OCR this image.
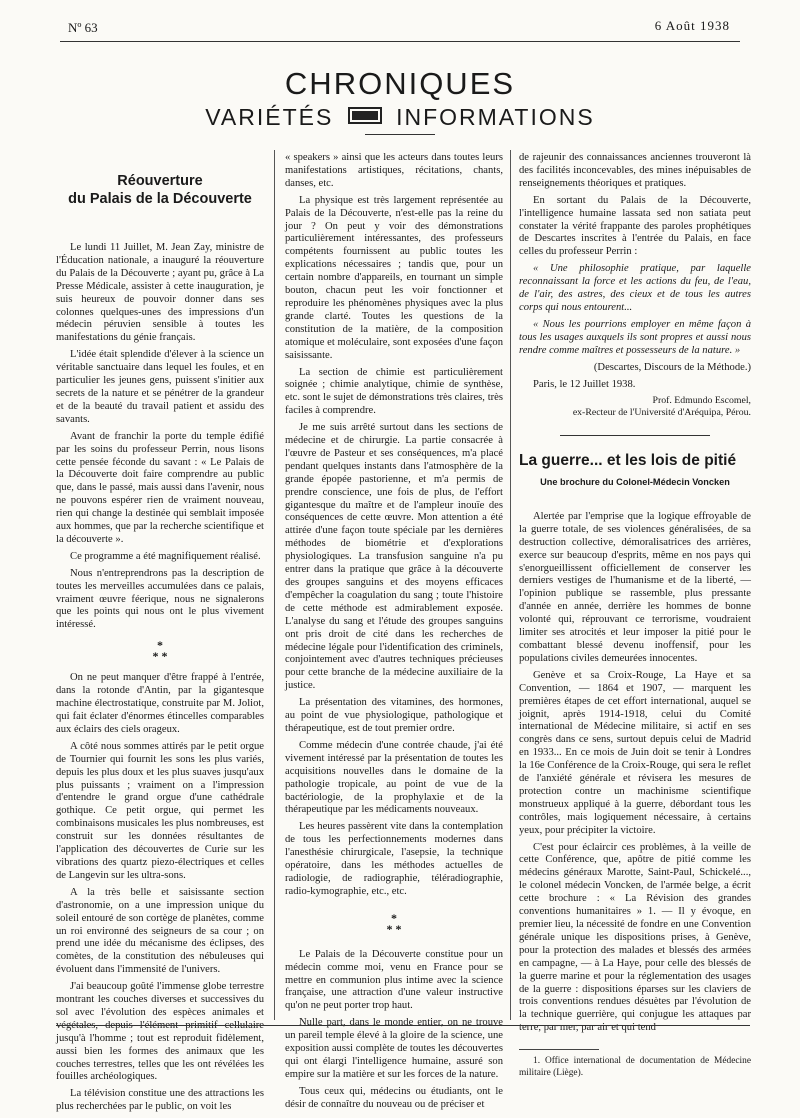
Nº 63	6 Août 1938
CHRONIQUES
VARIÉTÉS	INFORMATIONS
Réouverture
du Palais de la Découverte

Le lundi 11 Juillet, M. Jean Zay, ministre de l'Éducation nationale, a inauguré la réouverture du Palais de la Découverte ; ayant pu, grâce à La Presse Médicale, assister à cette inauguration, je suis heureux de pouvoir donner dans ses colonnes quelques-unes des impressions d'un médecin péruvien sensible à toutes les manifestations du génie français.

L'idée était splendide d'élever à la science un véritable sanctuaire dans lequel les foules, et en particulier les jeunes gens, puissent s'initier aux secrets de la nature et se pénétrer de la grandeur et de la beauté du travail patient et assidu des savants.

Avant de franchir la porte du temple édifié par les soins du professeur Perrin, nous lisons cette pensée féconde du savant : « Le Palais de la Découverte doit faire comprendre au public que, dans le passé, mais aussi dans l'avenir, nous ne pouvons espérer rien de vraiment nouveau, rien qui change la destinée qui semblait imposée aux hommes, que par la recherche scientifique et la découverte ».

Ce programme a été magnifiquement réalisé.

Nous n'entreprendrons pas la description de toutes les merveilles accumulées dans ce palais, vraiment œuvre féerique, nous ne signalerons que les points qui nous ont le plus vivement intéressé.

*
* *

On ne peut manquer d'être frappé à l'entrée, dans la rotonde d'Antin, par la gigantesque machine électrostatique, construite par M. Joliot, qui fait éclater d'énormes étincelles comparables aux éclairs des ciels orageux.

A côté nous sommes attirés par le petit orgue de Tournier qui fournit les sons les plus variés, depuis les plus doux et les plus suaves jusqu'aux plus puissants ; vraiment on a l'impression d'entendre le grand orgue d'une cathédrale gothique. Ce petit orgue, qui permet les combinaisons musicales les plus nombreuses, est construit sur les données résultantes de l'application des découvertes de Curie sur les vibrations des quartz piezo-électriques et celles de Langevin sur les ultra-sons.

A la très belle et saisissante section d'astronomie, on a une impression unique du soleil entouré de son cortège de planètes, comme un roi environné des seigneurs de sa cour ; on prend une idée du mécanisme des éclipses, des comètes, de la constitution des nébuleuses qui évoluent dans l'immensité de l'univers.

J'ai beaucoup goûté l'immense globe terrestre montrant les couches diverses et successives du sol avec l'évolution des espèces animales et végétales, depuis l'élément primitif cellulaire jusqu'à l'homme ; tout est reproduit fidèlement, aussi bien les formes des animaux que les couches terrestres, telles que les ont révélées les fouilles archéologiques.

La télévision constitue une des attractions les plus recherchées par le public, on voit les

« speakers » ainsi que les acteurs dans toutes leurs manifestations artistiques, récitations, chants, danses, etc.

La physique est très largement représentée au Palais de la Découverte, n'est-elle pas la reine du jour ? On peut y voir des démonstrations particulièrement intéressantes, des professeurs compétents fournissent au public toutes les explications nécessaires ; tandis que, pour un certain nombre d'appareils, en tournant un simple bouton, chacun peut les voir fonctionner et reproduire les phénomènes physiques avec la plus grande clarté. Toutes les questions de la constitution de la matière, de la composition atomique et moléculaire, sont exposées d'une façon saisissante.

La section de chimie est particulièrement soignée ; chimie analytique, chimie de synthèse, etc. sont le sujet de démonstrations très claires, très faciles à comprendre.

Je me suis arrêté surtout dans les sections de médecine et de chirurgie. La partie consacrée à l'œuvre de Pasteur et ses conséquences, m'a placé pendant quelques instants dans l'atmosphère de la grande épopée pastorienne, et m'a permis de prendre conscience, une fois de plus, de l'effort gigantesque du maître et de l'ampleur inouïe des conséquences de cette œuvre. Mon attention a été attirée d'une façon toute spéciale par les dernières méthodes de biométrie et d'explorations physiologiques. La transfusion sanguine n'a pu entrer dans la pratique que grâce à la découverte des groupes sanguins et des moyens efficaces d'empêcher la coagulation du sang ; toute l'histoire de cette méthode est admirablement exposée. L'analyse du sang et l'étude des groupes sanguins ont pris droit de cité dans les recherches de médecine légale pour l'identification des criminels, conjointement avec d'autres techniques précieuses pour cette branche de la médecine auxiliaire de la justice.

La présentation des vitamines, des hormones, au point de vue physiologique, pathologique et thérapeutique, est de tout premier ordre.

Comme médecin d'une contrée chaude, j'ai été vivement intéressé par la présentation de toutes les acquisitions nouvelles dans le domaine de la pathologie tropicale, au point de vue de la bactériologie, de la prophylaxie et de la thérapeutique par les médicaments nouveaux.

Les heures passèrent vite dans la contemplation de tous les perfectionnements modernes dans l'anesthésie chirurgicale, l'asepsie, la technique opératoire, dans les méthodes actuelles de radiologie, de radiographie, téléradiographie, radio-kymographie, etc., etc.

*
* *

Le Palais de la Découverte constitue pour un médecin comme moi, venu en France pour se mettre en communion plus intime avec la science française, une attraction d'une valeur instructive qu'on ne peut porter trop haut.

Nulle part, dans le monde entier, on ne trouve un pareil temple élevé à la gloire de la science, une exposition aussi complète de toutes les découvertes qui ont élargi l'intelligence humaine, assuré son empire sur la matière et sur les forces de la nature.

Tous ceux qui, médecins ou étudiants, ont le désir de connaître du nouveau ou de préciser et

de rajeunir des connaissances anciennes trouveront là des facilités inconcevables, des mines inépuisables de renseignements théoriques et pratiques.

En sortant du Palais de la Découverte, l'intelligence humaine lassata sed non satiata peut constater la vérité frappante des paroles prophétiques de Descartes inscrites à l'entrée du Palais, en face celles du professeur Perrin :

« Une philosophie pratique, par laquelle reconnaissant la force et les actions du feu, de l'eau, de l'air, des astres, des cieux et de tous les autres corps qui nous entourent...

« Nous les pourrions employer en même façon à tous les usages auxquels ils sont propres et aussi nous rendre comme maîtres et possesseurs de la nature. »

(Descartes, Discours de la Méthode.)

Paris, le 12 Juillet 1938.

Prof. Edmundo Escomel,
ex-Recteur de l'Université d'Aréquipa, Pérou.
La guerre... et les lois de pitié
Une brochure du Colonel-Médecin Voncken

Alertée par l'emprise que la logique effroyable de la guerre totale, de ses violences généralisées, de sa destruction collective, démoralisatrices des arrières, exerce sur beaucoup d'esprits, même en nos pays qui s'enorgueillissent officiellement de conserver les derniers vestiges de l'humanisme et de la liberté, — l'opinion publique se rassemble, plus pressante d'année en année, derrière les hommes de bonne volonté qui, réprouvant ce terrorisme, voudraient limiter ses atrocités et leur imposer la pitié pour le combattant blessé devenu inoffensif, pour les populations civiles demeurées innocentes.

Genève et sa Croix-Rouge, La Haye et sa Convention, — 1864 et 1907, — marquent les premières étapes de cet effort international, auquel se joignit, après 1914-1918, celui du Comité international de Médecine militaire, si actif en ses congrès dans ce sens, surtout depuis celui de Madrid en 1933... En ce mois de Juin doit se tenir à Londres la 16e Conférence de la Croix-Rouge, qui sera le reflet de l'anxiété générale et révisera les mesures de protection contre un machinisme scientifique monstrueux appliqué à la guerre, débordant tous les contrôles, mais logiquement nécessaire, à certains yeux, pour précipiter la victoire.

C'est pour éclaircir ces problèmes, à la veille de cette Conférence, que, apôtre de pitié comme les médecins généraux Marotte, Saint-Paul, Schickelé..., le colonel médecin Voncken, de l'armée belge, a écrit cette brochure : « La Révision des grandes conventions humanitaires » 1. — Il y évoque, en premier lieu, la nécessité de fondre en une Convention générale unique les dispositions prises, à Genève, pour la protection des malades et blessés des armées en campagne, — à La Haye, pour celle des blessés de la guerre marine et pour la réglementation des usages de la guerre : dispositions éparses sur les claviers de trois conventions rendues désuètes par l'évolution de la technique guerrière, qui conjugue les attaques par terre, par mer, par air et qui tend

1. Office international de documentation de Médecine militaire (Liège).
